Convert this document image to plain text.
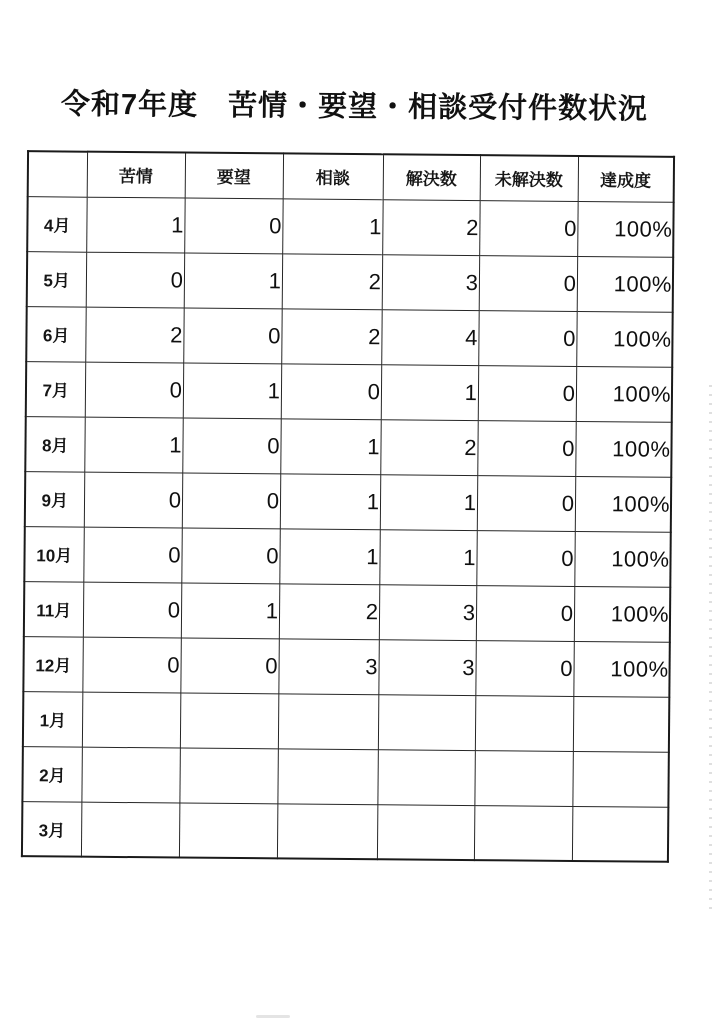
令和7年度　苦情・要望・相談受付件数状況
	苦情	要望	相談	解決数	未解決数	達成度
4月	1	0	1	2	0	100%
5月	0	1	2	3	0	100%
6月	2	0	2	4	0	100%
7月	0	1	0	1	0	100%
8月	1	0	1	2	0	100%
9月	0	0	1	1	0	100%
10月	0	0	1	1	0	100%
11月	0	1	2	3	0	100%
12月	0	0	3	3	0	100%
1月						
2月						
3月						
